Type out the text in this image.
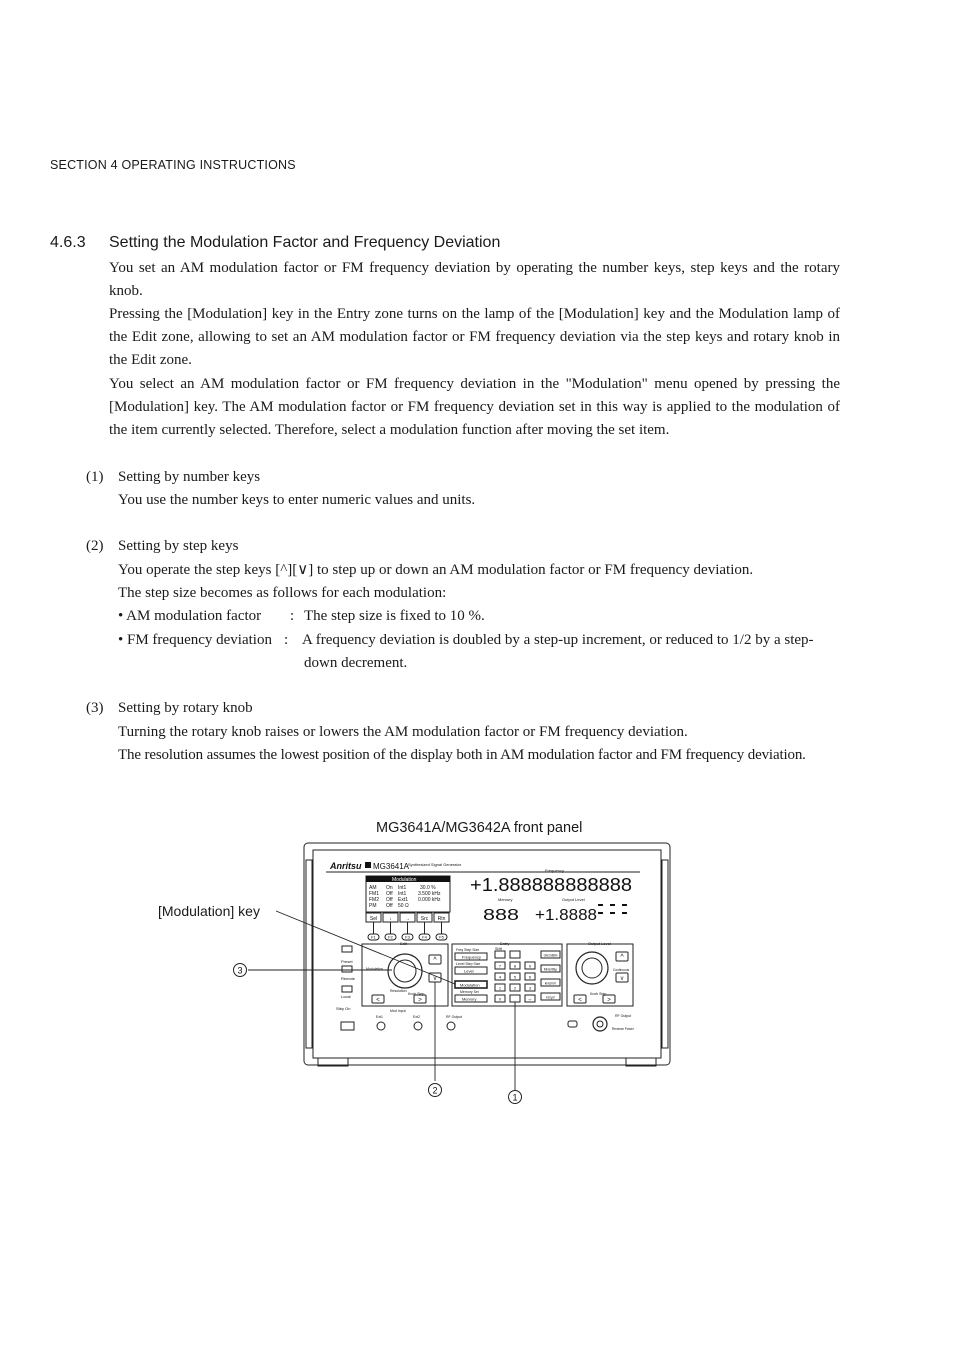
SECTION 4 OPERATING INSTRUCTIONS
4.6.3 Setting the Modulation Factor and Frequency Deviation
You set an AM modulation factor or FM frequency deviation by operating the number keys, step keys and the rotary knob.
Pressing the [Modulation] key in the Entry zone turns on the lamp of the [Modulation] key and the Modulation lamp of the Edit zone, allowing to set an AM modulation factor or FM frequency deviation via the step keys and rotary knob in the Edit zone.
You select an AM modulation factor or FM frequency deviation in the "Modulation" menu opened by pressing the [Modulation] key. The AM modulation factor or FM frequency deviation set in this way is applied to the modulation of the item currently selected. Therefore, select a modulation function after moving the set item.
(1) Setting by number keys
You use the number keys to enter numeric values and units.
(2) Setting by step keys
You operate the step keys [^][∨] to step up or down an AM modulation factor or FM frequency deviation.
The step size becomes as follows for each modulation:
• AM modulation factor : The step size is fixed to 10 %.
• FM frequency deviation : A frequency deviation is doubled by a step-up increment, or reduced to 1/2 by a step-
down decrement.
(3) Setting by rotary knob
Turning the rotary knob raises or lowers the AM modulation factor or FM frequency deviation.
The resolution assumes the lowest position of the display both in AM modulation factor and FM frequency deviation.
MG3641A/MG3642A front panel
Anritsu MG3641A
Synthesized Signal Generator
Modulation
AM On Int1	30.0 %
FM1 Off Int1 3.500 kHz
FM2 Off Ext1 0.000 kHz
PM Off 50 Ω
Sel ↓	→ Src Rtn
F1	F2	F3	F4	F5
Frequency
+1.888888888888
Memory
888
Output Level
+1.8888
Preset
Remote
Local
Stby On
Edit
Modulation
^
v
<	>
Resolution
Knob Step
Mod Input
Ext1	Ext2	RF Output
Entry
Freq Step Size
Level Step Size
Memory Sel
Frequency
Level
Modulation
Memory
Shift
7	8	9
4	5	6
1	2	3
0	.	+/-
GHz/dBm
MHz/dBμ
kHz/mV
Hz/μV
Output Level
^
v
Continuous
<	>
Knob Step
RF Output
Reverse Power
3
2
1
[Modulation] key
